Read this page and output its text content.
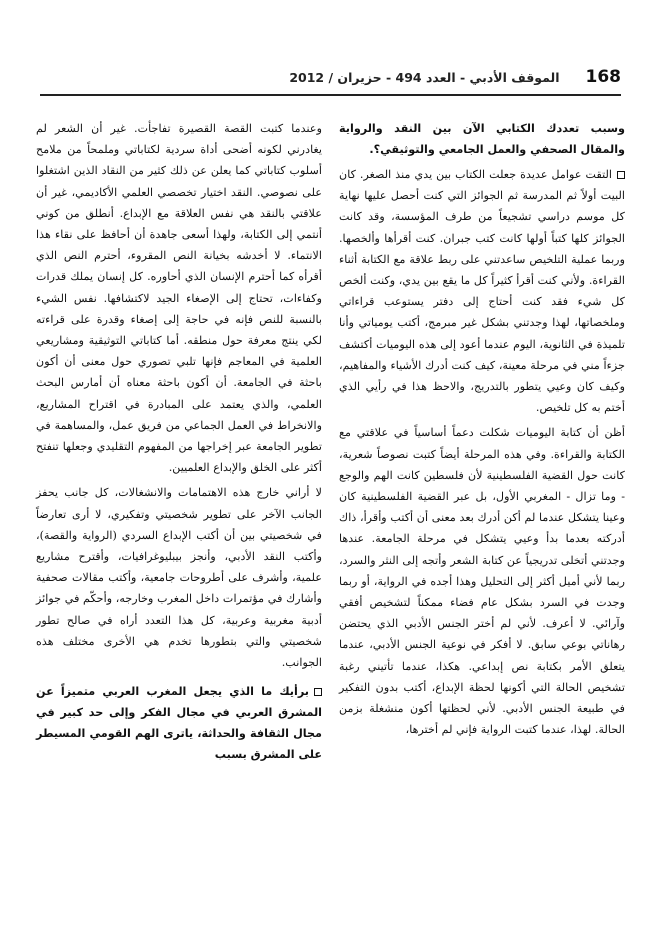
168
الموقف الأدبي - العدد 494 - حزيران / 2012

وسبب تعددك الكتابي الآن بين النقد والرواية والمقال الصحفي والعمل الجامعي والتوثيقي؟.

التقت عوامل عديدة جعلت الكتاب بين يدي منذ الصغر. كان البيت أولاً ثم المدرسة ثم الجوائز التي كنت أحصل عليها نهاية كل موسم دراسي تشجيعاً من طرف المؤسسة، وقد كانت الجوائز كلها كتباً أولها كانت كتب جبران. كنت أقرأها وألخصها. وربما عملية التلخيص ساعدتني على ربط علاقة مع الكتابة أثناء القراءة. ولأني كنت أقرأ كثيراً كل ما يقع بين يدي، وكنت ألخص كل شيء فقد كنت أحتاج إلى دفتر يستوعب قراءاتي وملخصاتها، لهذا وجدتني بشكل غير مبرمج، أكتب يومياتي وأنا تلميذة في الثانوية، اليوم عندما أعود إلى هذه اليوميات أكتشف جزءاً مني في مرحلة معينة، كيف كنت أدرك الأشياء والمفاهيم، وكيف كان وعيي يتطور بالتدريج، والاحظ هذا في رأيي الذي أختم به كل تلخيص.

أظن أن كتابة اليوميات شكلت دعماً أساسياً في علاقتي مع الكتابة والقراءة. وفي هذه المرحلة أيضاً كتبت نصوصاً شعرية، كانت حول القضية الفلسطينية لأن فلسطين كانت الهم والوجع - وما تزال - المغربي الأول، بل عبر القضية الفلسطينية كان وعينا يتشكل عندما لم أكن أدرك بعد معنى أن أكتب وأقرأ، ذاك أدركته بعدما بدأ وعيي يتشكل في مرحلة الجامعة. عندها وجدتني أتخلى تدريجياً عن كتابة الشعر وأتجه إلى النثر والسرد، ربما لأني أميل أكثر إلى التحليل وهذا أجده في الرواية، أو ربما وجدت في السرد بشكل عام فضاء ممكناً لتشخيص أفقي وآرائي. لا أعرف. لأني لم أختر الجنس الأدبي الذي يحتضن رهاناتي بوعي سابق. لا أفكر في نوعية الجنس الأدبي، عندما يتعلق الأمر بكتابة نص إبداعي. هكذا، عندما تأتيني رغبة تشخيص الحالة التي أكونها لحظة الإبداع، أكتب بدون التفكير في طبيعة الجنس الأدبي. لأني لحظتها أكون منشغلة بزمن الحالة. لهذا، عندما كتبت الرواية فإني لم أخترها،

وعندما كتبت القصة القصيرة تفاجأت. غير أن الشعر لم يغادرني لكونه أضحى أداة سردية لكتاباتي وملمحاً من ملامح أسلوب كتاباتي كما يعلن عن ذلك كثير من النقاد الذين اشتغلوا على نصوصي. النقد اختيار تخصصي العلمي الأكاديمي، غير أن علاقتي بالنقد هي نفس العلاقة مع الإبداع. أنطلق من كوني أنتمي إلى الكتابة، ولهذا أسعى جاهدة أن أحافظ على نقاء هذا الانتماء. لا أخدشه بخيانة النص المقروء، أحترم النص الذي أقرأه كما أحترم الإنسان الذي أحاوره. كل إنسان يملك قدرات وكفاءات، تحتاج إلى الإصغاء الجيد لاكتشافها. نفس الشيء بالنسبة للنص فإنه في حاجة إلى إصغاء وقدرة على قراءته لكي ينتج معرفة حول منطقه. أما كتاباتي التوثيقية ومشاريعي العلمية في المعاجم فإنها تلبي تصوري حول معنى أن أكون باحثة في الجامعة. أن أكون باحثة معناه أن أمارس البحث العلمي، والذي يعتمد على المبادرة في اقتراح المشاريع، والانخراط في العمل الجماعي من فريق عمل، والمساهمة في تطوير الجامعة عبر إخراجها من المفهوم التقليدي وجعلها تنفتح أكثر على الخلق والإبداع العلميين.

لا أراني خارج هذه الاهتمامات والانشغالات، كل جانب يحفز الجانب الآخر على تطوير شخصيتي وتفكيري، لا أرى تعارضاً في شخصيتي بين أن أكتب الإبداع السردي (الرواية والقصة)، وأكتب النقد الأدبي، وأنجز بيبليوغرافيات، وأقترح مشاريع علمية، وأشرف على أطروحات جامعية، وأكتب مقالات صحفية وأشارك في مؤتمرات داخل المغرب وخارجه، وأحكّم في جوائز أدبية مغربية وعربية، كل هذا التعدد أراه في صالح تطور شخصيتي والتي بتطورها تخدم هي الأخرى مختلف هذه الجوانب.

برأيك ما الذي يجعل المغرب العربي متميزاً عن المشرق العربي في مجال الفكر وإلى حد كبير في مجال الثقافة والحداثة، ياترى الهم القومي المسيطر على المشرق بسبب
